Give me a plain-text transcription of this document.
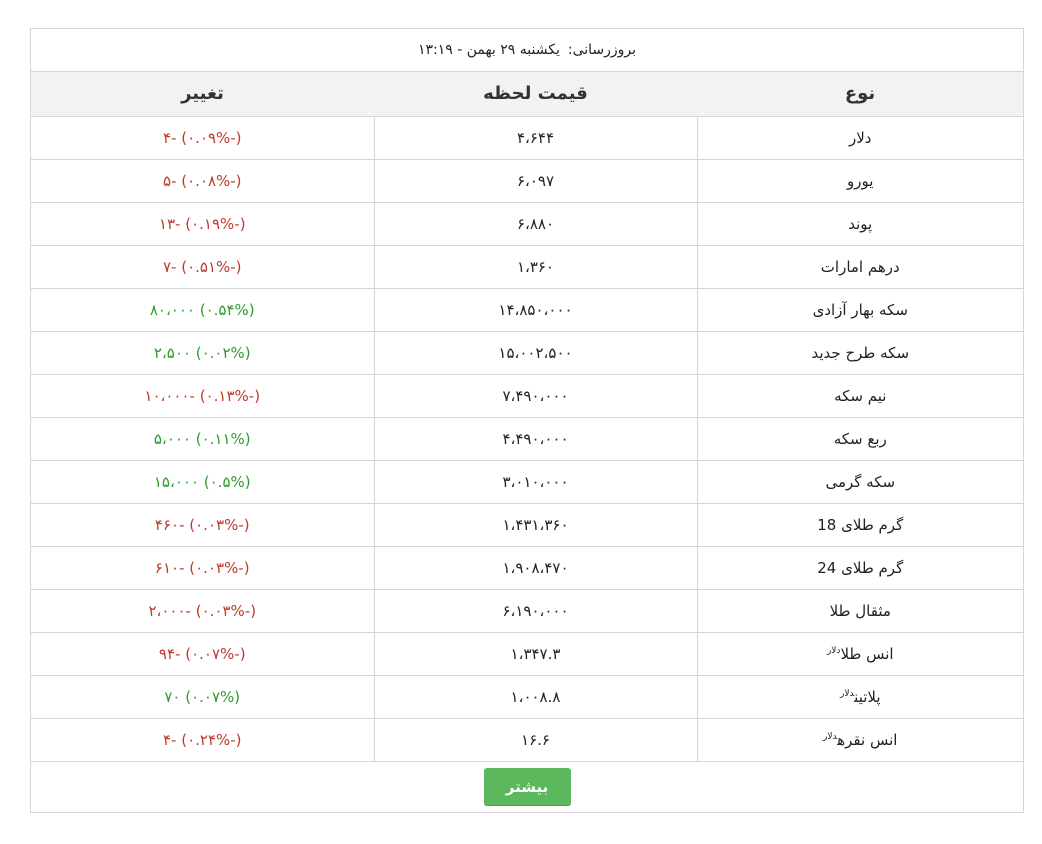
بروزرسانی:
یکشنبه ۲۹ بهمن - ۱۳:۱۹
نوع	قیمت لحظه	تغییر
دلار	۴،۶۴۴	(-۰.۰۹%) -۴
یورو	۶،۰۹۷	(-۰.۰۸%) -۵
پوند	۶،۸۸۰	(-۰.۱۹%) -۱۳
درهم امارات	۱،۳۶۰	(-۰.۵۱%) -۷
سکه بهار آزادی	۱۴،۸۵۰،۰۰۰	(۰.۵۴%) ۸۰،۰۰۰
سکه طرح جدید	۱۵،۰۰۲،۵۰۰	(۰.۰۲%) ۲،۵۰۰
نیم سکه	۷،۴۹۰،۰۰۰	(-۰.۱۳%) -۱۰،۰۰۰
ربع سکه	۴،۴۹۰،۰۰۰	(۰.۱۱%) ۵،۰۰۰
سکه گرمی	۳،۰۱۰،۰۰۰	(۰.۵%) ۱۵،۰۰۰
گرم طلای 18	۱،۴۳۱،۳۶۰	(-۰.۰۳%) -۴۶۰
گرم طلای 24	۱،۹۰۸،۴۷۰	(-۰.۰۳%) -۶۱۰
مثقال طلا	۶،۱۹۰،۰۰۰	(-۰.۰۳%) -۲،۰۰۰
انس طلا$^{دلار}$	۱،۳۴۷.۳	(-۰.۰۷%) -۹۴
پلاتین$^{دلار}$	۱،۰۰۸.۸	(۰.۰۷%) ۷۰
انس نقره$^{دلار}$	۱۶.۶	(-۰.۲۴%) -۴
بیشتر
